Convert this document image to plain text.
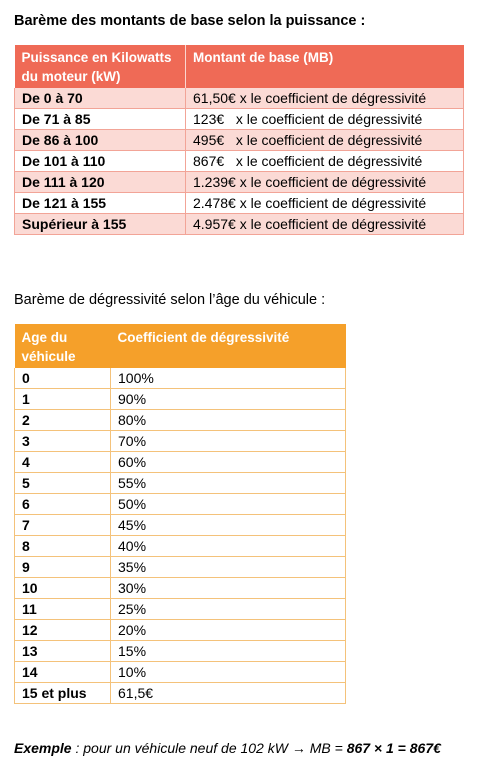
Barème des montants de base selon la puissance :
Puissance en Kilowatts du moteur (kW)	Montant de base (MB)
De 0 à 70	61,50€ x le coefficient de dégressivité
De 71 à 85	123€   x le coefficient de dégressivité
De 86 à 100	495€   x le coefficient de dégressivité
De 101 à 110	867€   x le coefficient de dégressivité
De 111 à 120	1.239€ x le coefficient de dégressivité
De 121 à 155	2.478€ x le coefficient de dégressivité
Supérieur à 155	4.957€ x le coefficient de dégressivité
Barème de dégressivité selon l’âge du véhicule :
Age du véhicule	Coefficient de dégressivité
0	100%
1	90%
2	80%
3	70%
4	60%
5	55%
6	50%
7	45%
8	40%
9	35%
10	30%
11	25%
12	20%
13	15%
14	10%
15 et plus	61,5€
Exemple : pour un véhicule neuf de 102 kW → MB = 867 × 1 = 867€
